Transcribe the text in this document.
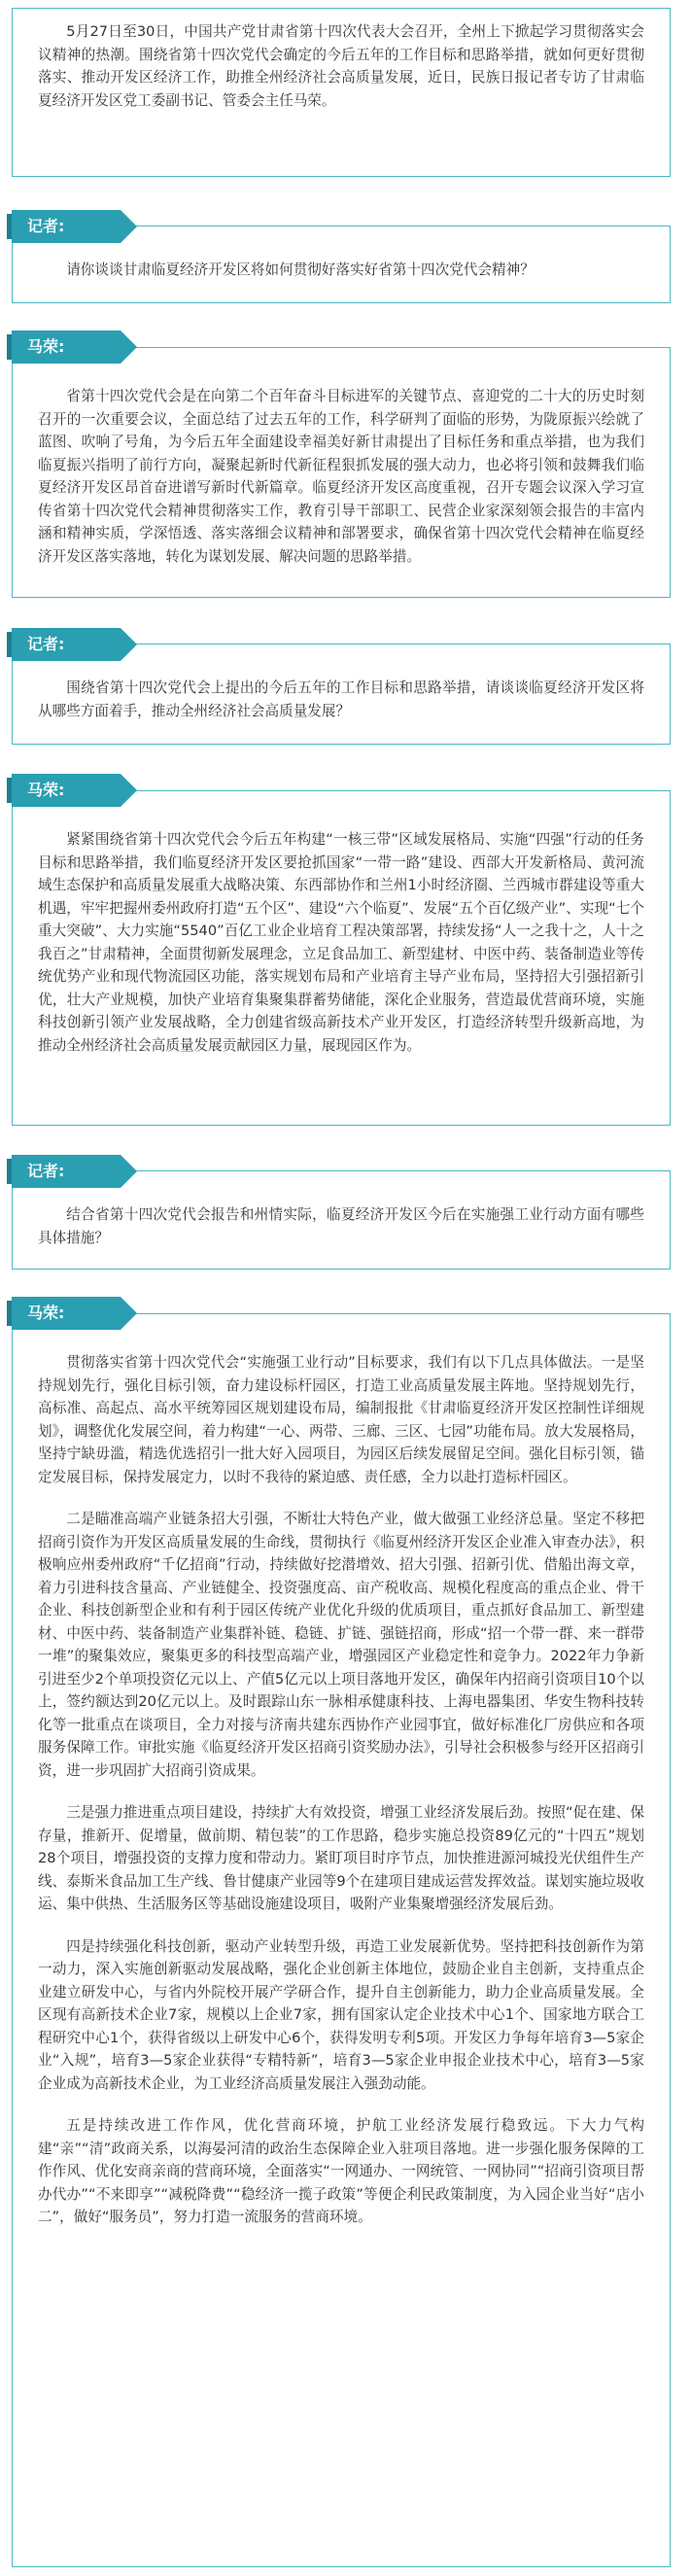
5月27日至30日，中国共产党甘肃省第十四次代表大会召开，全州上下掀起学习贯彻落实会议精神的热潮。围绕省第十四次党代会确定的今后五年的工作目标和思路举措，就如何更好贯彻落实、推动开发区经济工作，助推全州经济社会高质量发展，近日，民族日报记者专访了甘肃临夏经济开发区党工委副书记、管委会主任马荣。

记者:

请你谈谈甘肃临夏经济开发区将如何贯彻好落实好省第十四次党代会精神？

马荣:

省第十四次党代会是在向第二个百年奋斗目标进军的关键节点、喜迎党的二十大的历史时刻召开的一次重要会议，全面总结了过去五年的工作，科学研判了面临的形势，为陇原振兴绘就了蓝图、吹响了号角，为今后五年全面建设幸福美好新甘肃提出了目标任务和重点举措，也为我们临夏振兴指明了前行方向，凝聚起新时代新征程狠抓发展的强大动力，也必将引领和鼓舞我们临夏经济开发区昂首奋进谱写新时代新篇章。临夏经济开发区高度重视，召开专题会议深入学习宣传省第十四次党代会精神贯彻落实工作，教育引导干部职工、民营企业家深刻领会报告的丰富内涵和精神实质，学深悟透、落实落细会议精神和部署要求，确保省第十四次党代会精神在临夏经济开发区落实落地，转化为谋划发展、解决问题的思路举措。

记者:

围绕省第十四次党代会上提出的今后五年的工作目标和思路举措，请谈谈临夏经济开发区将从哪些方面着手，推动全州经济社会高质量发展？

马荣:

紧紧围绕省第十四次党代会今后五年构建“一核三带”区域发展格局、实施“四强”行动的任务目标和思路举措，我们临夏经济开发区要抢抓国家“一带一路”建设、西部大开发新格局、黄河流域生态保护和高质量发展重大战略决策、东西部协作和兰州1小时经济圈、兰西城市群建设等重大机遇，牢牢把握州委州政府打造“五个区”、建设“六个临夏”、发展“五个百亿级产业”、实现“七个重大突破”、大力实施“5540”百亿工业企业培育工程决策部署，持续发扬“人一之我十之，人十之我百之”甘肃精神，全面贯彻新发展理念，立足食品加工、新型建材、中医中药、装备制造业等传统优势产业和现代物流园区功能，落实规划布局和产业培育主导产业布局，坚持招大引强招新引优，壮大产业规模，加快产业培育集聚集群蓄势储能，深化企业服务，营造最优营商环境，实施科技创新引领产业发展战略，全力创建省级高新技术产业开发区，打造经济转型升级新高地，为推动全州经济社会高质量发展贡献园区力量，展现园区作为。

记者:

结合省第十四次党代会报告和州情实际，临夏经济开发区今后在实施强工业行动方面有哪些具体措施？

马荣:

贯彻落实省第十四次党代会“实施强工业行动”目标要求，我们有以下几点具体做法。一是坚持规划先行，强化目标引领，奋力建设标杆园区，打造工业高质量发展主阵地。坚持规划先行，高标准、高起点、高水平统筹园区规划建设布局，编制报批《甘肃临夏经济开发区控制性详细规划》，调整优化发展空间，着力构建“一心、两带、三廊、三区、七园”功能布局。放大发展格局，坚持宁缺毋滥，精选优选招引一批大好入园项目，为园区后续发展留足空间。强化目标引领，锚定发展目标，保持发展定力，以时不我待的紧迫感、责任感，全力以赴打造标杆园区。

二是瞄准高端产业链条招大引强，不断壮大特色产业，做大做强工业经济总量。坚定不移把招商引资作为开发区高质量发展的生命线，贯彻执行《临夏州经济开发区企业准入审查办法》，积极响应州委州政府“千亿招商”行动，持续做好挖潜增效、招大引强、招新引优、借船出海文章，着力引进科技含量高、产业链健全、投资强度高、亩产税收高、规模化程度高的重点企业、骨干企业、科技创新型企业和有利于园区传统产业优化升级的优质项目，重点抓好食品加工、新型建材、中医中药、装备制造产业集群补链、稳链、扩链、强链招商，形成“招一个带一群、来一群带一堆”的聚集效应，聚集更多的科技型高端产业，增强园区产业稳定性和竞争力。2022年力争新引进至少2个单项投资亿元以上、产值5亿元以上项目落地开发区，确保年内招商引资项目10个以上，签约额达到20亿元以上。及时跟踪山东一脉相承健康科技、上海电器集团、华安生物科技转化等一批重点在谈项目，全力对接与济南共建东西协作产业园事宜，做好标准化厂房供应和各项服务保障工作。审批实施《临夏经济开发区招商引资奖励办法》，引导社会积极参与经开区招商引资，进一步巩固扩大招商引资成果。

三是强力推进重点项目建设，持续扩大有效投资，增强工业经济发展后劲。按照“促在建、保存量，推新开、促增量，做前期、精包装”的工作思路，稳步实施总投资89亿元的“十四五”规划28个项目，增强投资的支撑力度和带动力。紧盯项目时序节点，加快推进源河城投光伏组件生产线、泰斯米食品加工生产线、鲁甘健康产业园等9个在建项目建成运营发挥效益。谋划实施垃圾收运、集中供热、生活服务区等基础设施建设项目，吸附产业集聚增强经济发展后劲。

四是持续强化科技创新，驱动产业转型升级，再造工业发展新优势。坚持把科技创新作为第一动力，深入实施创新驱动发展战略，强化企业创新主体地位，鼓励企业自主创新，支持重点企业建立研发中心，与省内外院校开展产学研合作，提升自主创新能力，助力企业高质量发展。全区现有高新技术企业7家，规模以上企业7家，拥有国家认定企业技术中心1个、国家地方联合工程研究中心1个，获得省级以上研发中心6个，获得发明专利5项。开发区力争每年培育3—5家企业“入规”，培育3—5家企业获得“专精特新”，培育3—5家企业申报企业技术中心，培育3—5家企业成为高新技术企业，为工业经济高质量发展注入强劲动能。

五是持续改进工作作风，优化营商环境，护航工业经济发展行稳致远。下大力气构建“亲”“清”政商关系，以海晏河清的政治生态保障企业入驻项目落地。进一步强化服务保障的工作作风、优化安商亲商的营商环境，全面落实“一网通办、一网统管、一网协同”“招商引资项目帮办代办”“不来即享”“减税降费”“稳经济一揽子政策”等便企利民政策制度，为入园企业当好“店小二”，做好“服务员”，努力打造一流服务的营商环境。
